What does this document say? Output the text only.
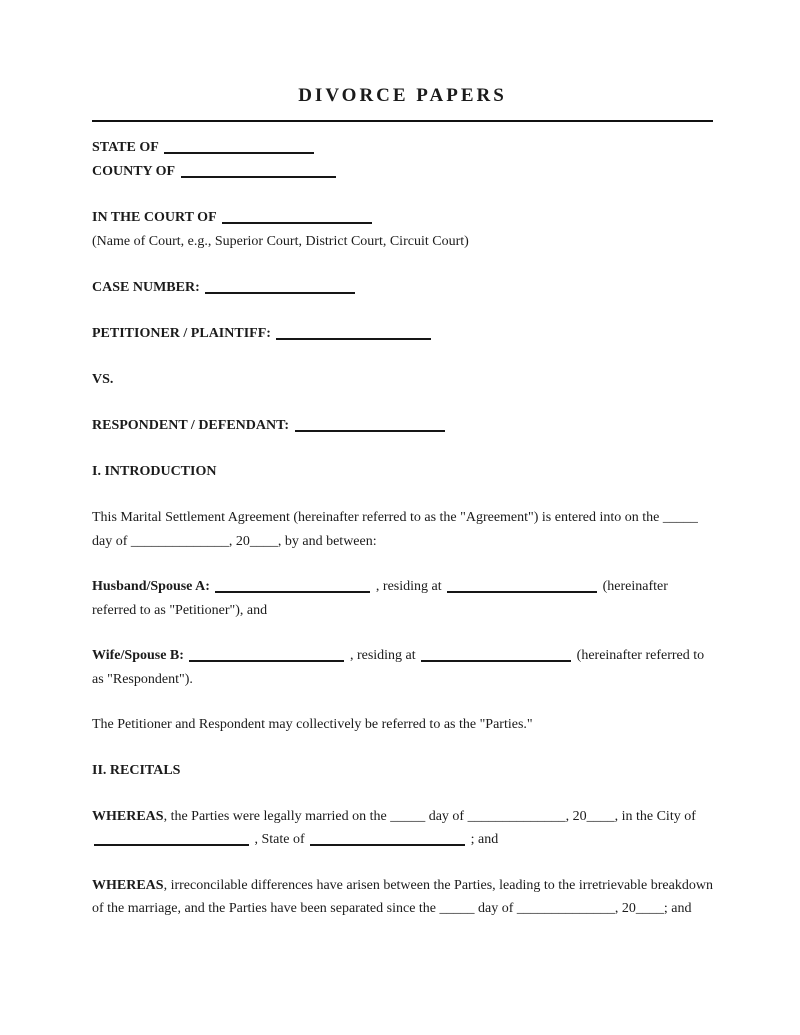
DIVORCE PAPERS
STATE OF
COUNTY OF
IN THE COURT OF
(Name of Court, e.g., Superior Court, District Court, Circuit Court)
CASE NUMBER:
PETITIONER / PLAINTIFF:
VS.
RESPONDENT / DEFENDANT:
I. INTRODUCTION

This Marital Settlement Agreement (hereinafter referred to as the "Agreement") is entered into on the _____ day of ______________, 20____, by and between:

Husband/Spouse A:	, residing at	(hereinafter referred to as "Petitioner"), and

Wife/Spouse B:	, residing at	(hereinafter referred to as "Respondent").

The Petitioner and Respondent may collectively be referred to as the "Parties."

II. RECITALS

WHEREAS, the Parties were legally married on the _____ day of ______________, 20____, in the City of  , State of	; and

WHEREAS, irreconcilable differences have arisen between the Parties, leading to the irretrievable breakdown of the marriage, and the Parties have been separated since the _____ day of ______________, 20____; and
